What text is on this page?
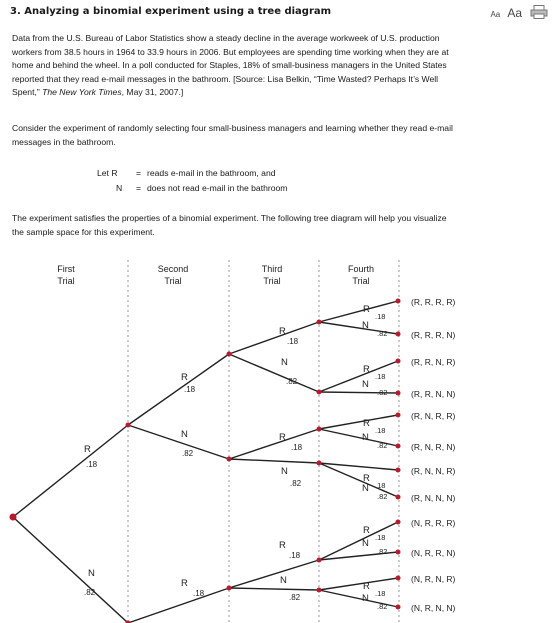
3. Analyzing a binomial experiment using a tree diagram	Aa Aa
Data from the U.S. Bureau of Labor Statistics show a steady decline in the average workweek of U.S. production
workers from 38.5 hours in 1964 to 33.9 hours in 2006. But employees are spending time working when they are at
home and behind the wheel. In a poll conducted for Staples, 18% of small-business managers in the United States
reported that they read e-mail messages in the bathroom. [Source: Lisa Belkin, “Time Wasted? Perhaps It’s Well
Spent,” The New York Times, May 31, 2007.]
Consider the experiment of randomly selecting four small-business managers and learning whether they read e-mail
messages in the bathroom.
Let R = reads e-mail in the bathroom, and
N = does not read e-mail in the bathroom
The experiment satisfies the properties of a binomial experiment. The following tree diagram will help you visualize
the sample space for this experiment.
First
Trial
Second
Trial
Third
Trial
Fourth
Trial
(R, R, R, R)
(R, R, R, N)
(R, R, N, R)
(R, R, N, N)
(R, N, R, R)
(R, N, R, N)
(R, N, N, R)
(R, N, N, N)
(N, R, R, R)
(N, R, R, N)
(N, R, N, R)
(N, R, N, N)
R
.18
N
.82
R
.18
N
.82
R
.18
R
.18
N
.82
R
.18
N
.82
R
.18
N
.82
R
.18
N
.82
R
.18
N
.82
R
.18
N
.82
R
.18
N
.82
R
.18
N
.82
R
.18
N
.82
